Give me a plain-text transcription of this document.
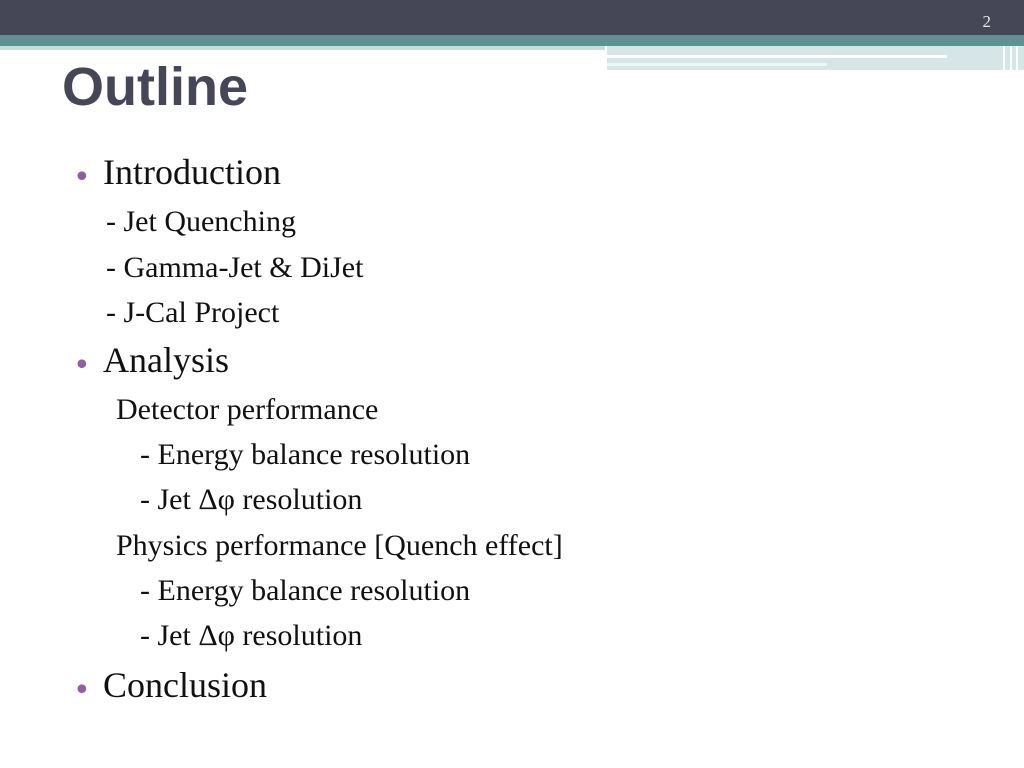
2
Outline
• Introduction
- Jet Quenching
- Gamma-Jet & DiJet
- J-Cal Project
• Analysis
Detector performance
- Energy balance resolution
- Jet Δφ resolution
Physics performance [Quench effect]
- Energy balance resolution
- Jet Δφ resolution
• Conclusion
